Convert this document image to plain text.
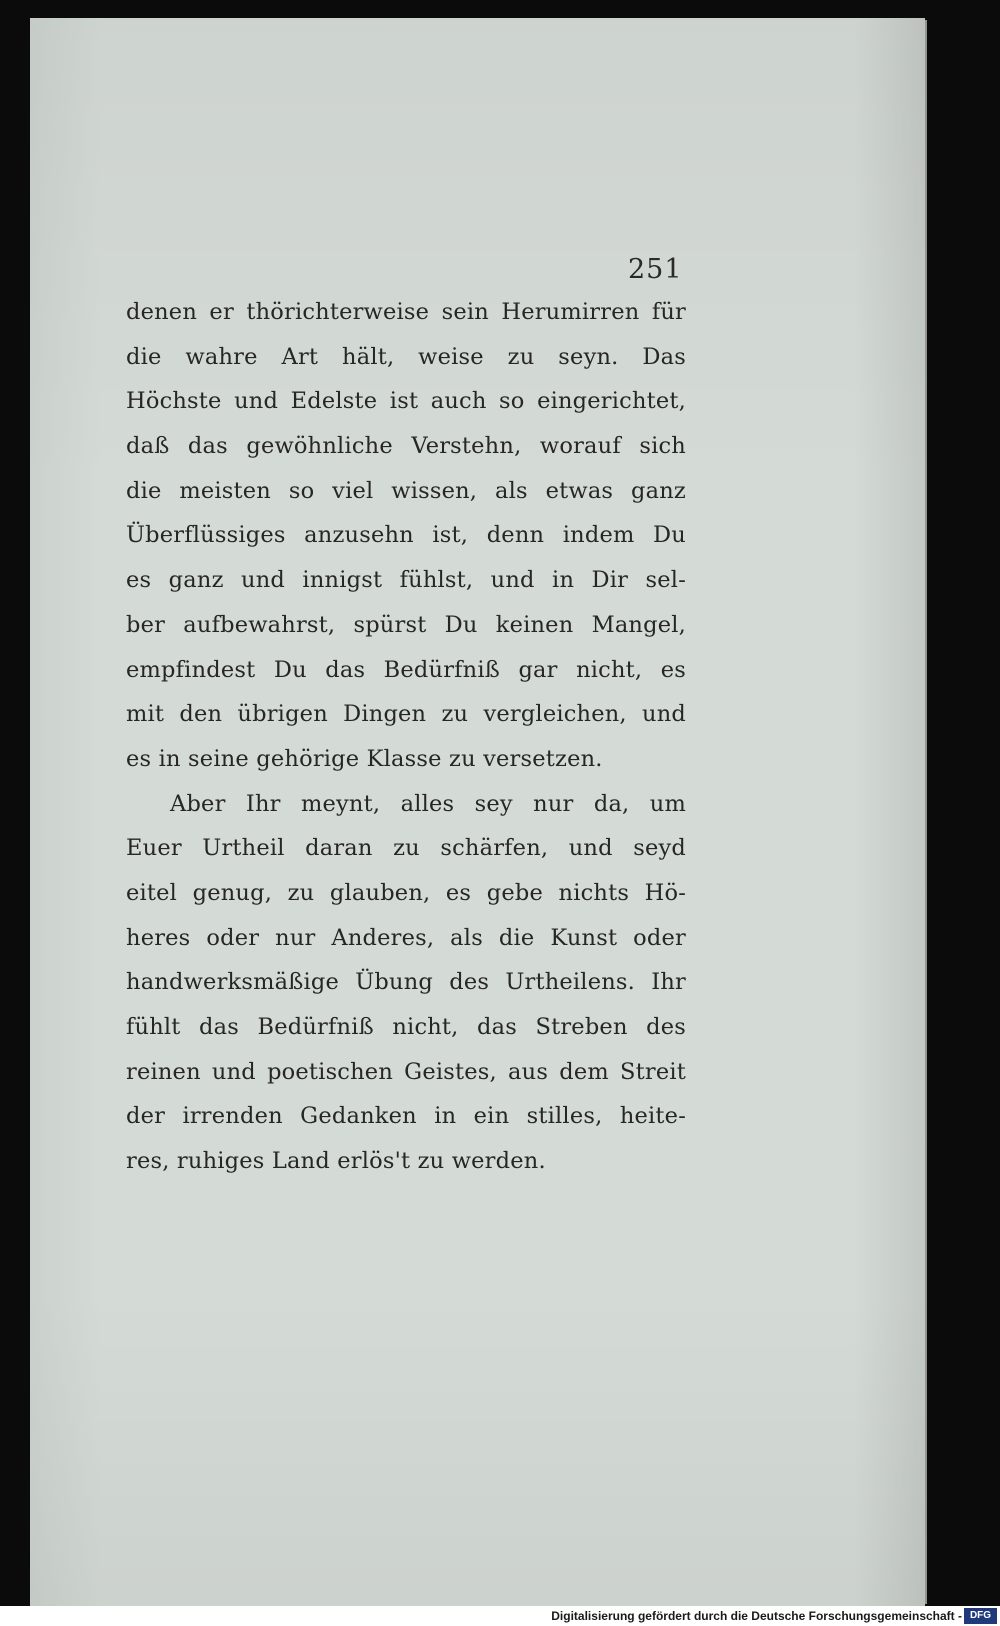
251
denen er thörichterweise sein Herumirren für
die wahre Art hält, weise zu seyn. Das
Höchste und Edelste ist auch so eingerichtet,
daß das gewöhnliche Verstehn, worauf sich
die meisten so viel wissen, als etwas ganz
Überflüssiges anzusehn ist, denn indem Du
es ganz und innigst fühlst, und in Dir sel-
ber aufbewahrst, spürst Du keinen Mangel,
empfindest Du das Bedürfniß gar nicht, es
mit den übrigen Dingen zu vergleichen, und
es in seine gehörige Klasse zu versetzen.
Aber Ihr meynt, alles sey nur da, um
Euer Urtheil daran zu schärfen, und seyd
eitel genug, zu glauben, es gebe nichts Hö-
heres oder nur Anderes, als die Kunst oder
handwerksmäßige Übung des Urtheilens. Ihr
fühlt das Bedürfniß nicht, das Streben des
reinen und poetischen Geistes, aus dem Streit
der irrenden Gedanken in ein stilles, heite-
res, ruhiges Land erlös't zu werden.
Digitalisierung gefördert durch die Deutsche Forschungsgemeinschaft - DFG
